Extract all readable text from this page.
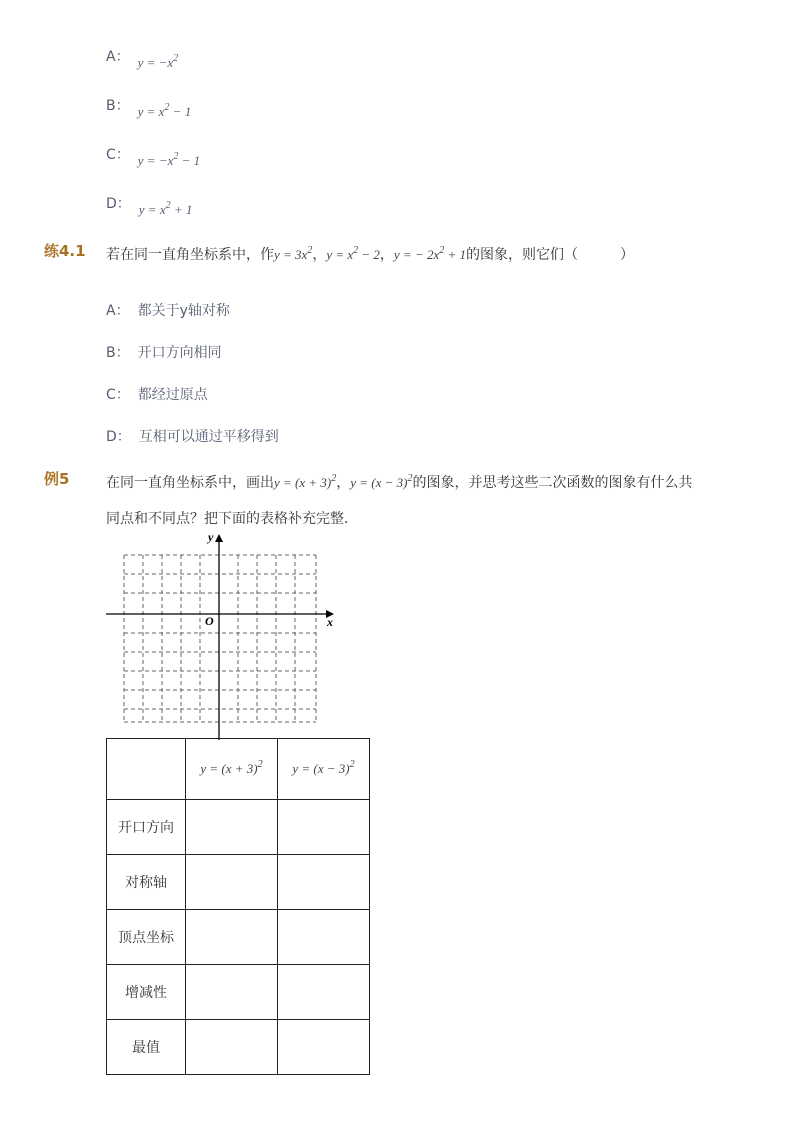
A： $y = -x^2$
B： $y = x^2 - 1$
C： $y = -x^2 - 1$
D： $y = x^2 + 1$
练4.1 若在同一直角坐标系中，作$y = 3x^2$，$y = x^2 - 2$，y = − $2x^2 + 1$的图象，则它们（　　　）
A： 都关于y轴对称
B： 开口方向相同
C： 都经过原点
D： 互相可以通过平移得到
例5	在同一直角坐标系中，画出$y = (x + 3)^2$，$y = (x - 3)^2$的图象，并思考这些二次函数的图象有什么共
同点和不同点？把下面的表格补充完整．
y
x
O
	$y = (x + 3)^2$	$y = (x - 3)^2$
开口方向		
对称轴		
顶点坐标		
增减性		
最值		
